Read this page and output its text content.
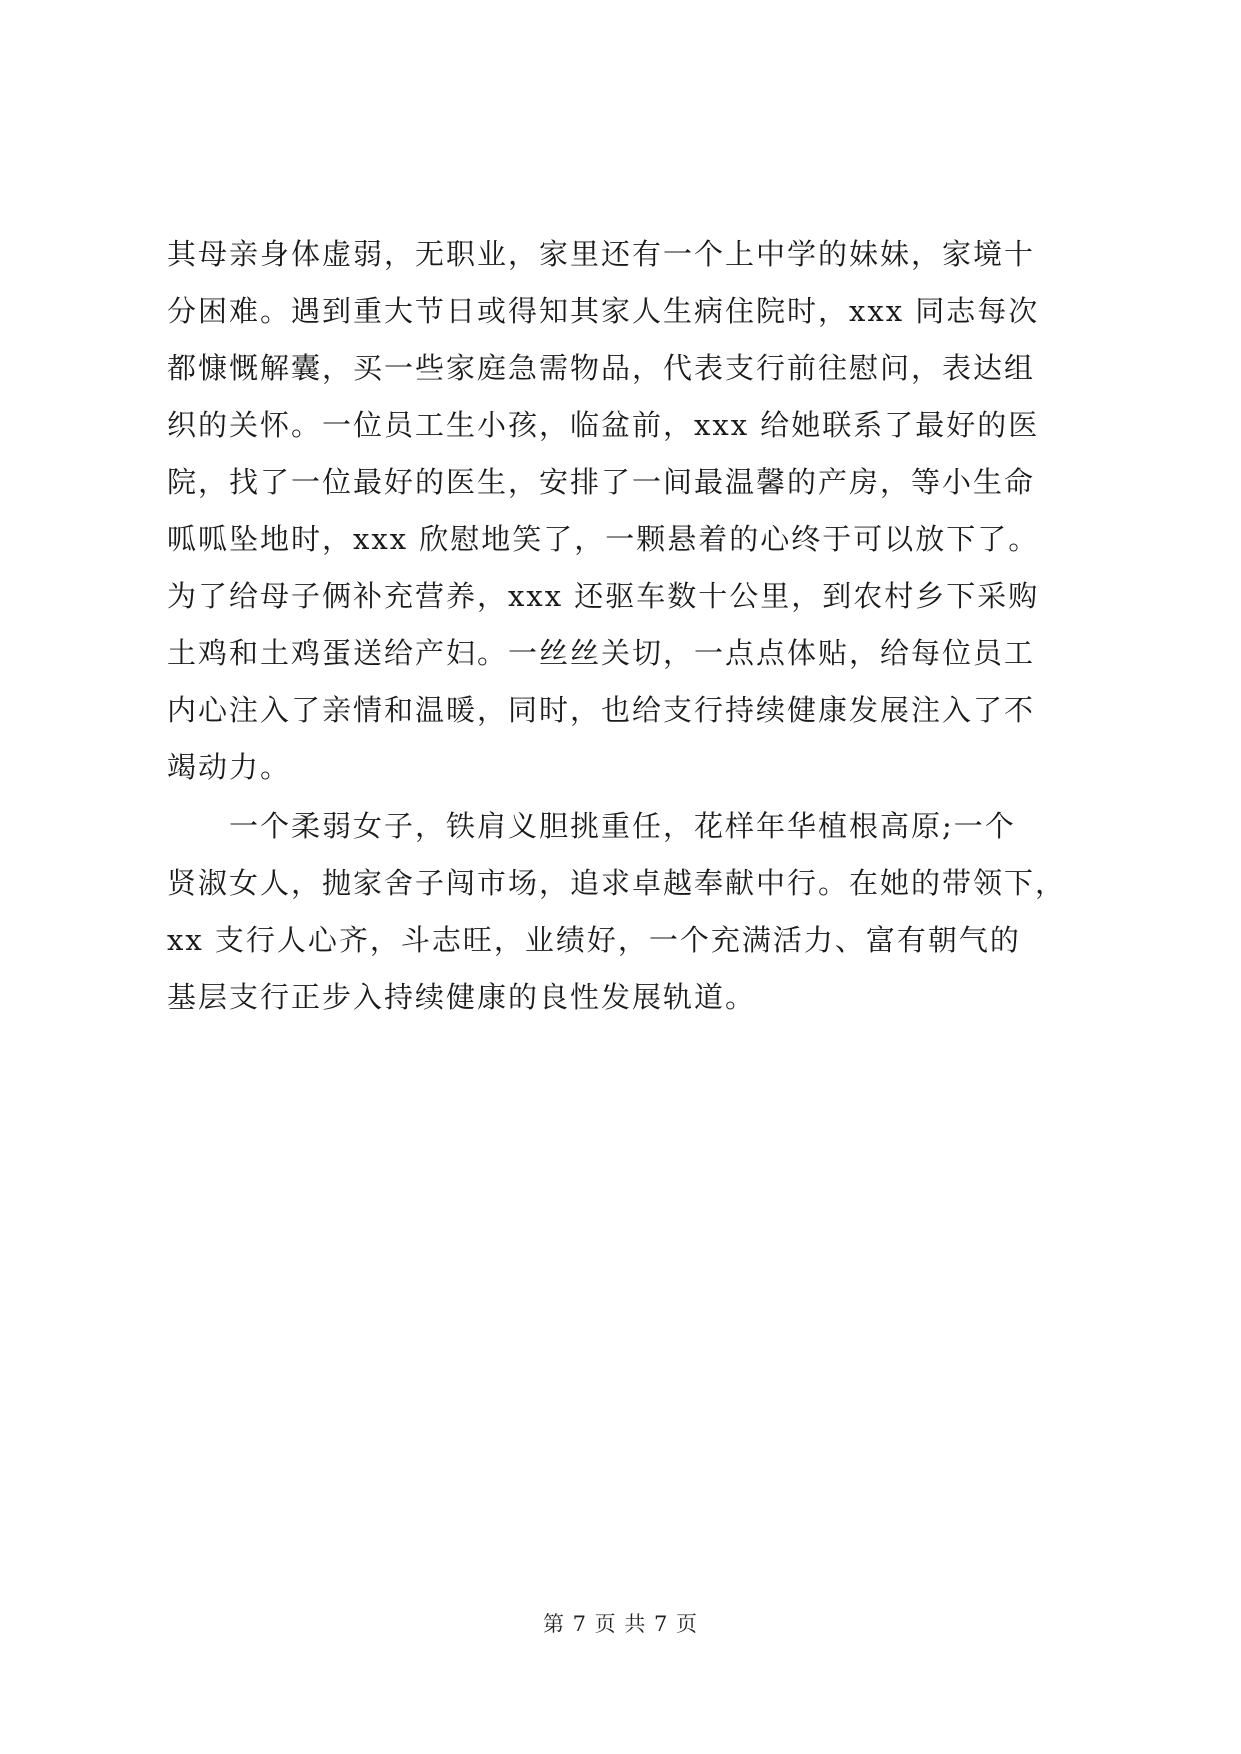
其母亲身体虚弱，无职业，家里还有一个上中学的妹妹，家境十
分困难。遇到重大节日或得知其家人生病住院时，xxx 同志每次
都慷慨解囊，买一些家庭急需物品，代表支行前往慰问，表达组
织的关怀。一位员工生小孩，临盆前，xxx 给她联系了最好的医
院，找了一位最好的医生，安排了一间最温馨的产房，等小生命
呱呱坠地时，xxx 欣慰地笑了，一颗悬着的心终于可以放下了。
为了给母子俩补充营养，xxx 还驱车数十公里，到农村乡下采购
土鸡和土鸡蛋送给产妇。一丝丝关切，一点点体贴，给每位员工
内心注入了亲情和温暖，同时，也给支行持续健康发展注入了不
竭动力。
一个柔弱女子，铁肩义胆挑重任，花样年华植根高原;一个
贤淑女人，抛家舍子闯市场，追求卓越奉献中行。在她的带领下，
xx 支行人心齐，斗志旺，业绩好，一个充满活力、富有朝气的
基层支行正步入持续健康的良性发展轨道。
第 7 页 共 7 页
